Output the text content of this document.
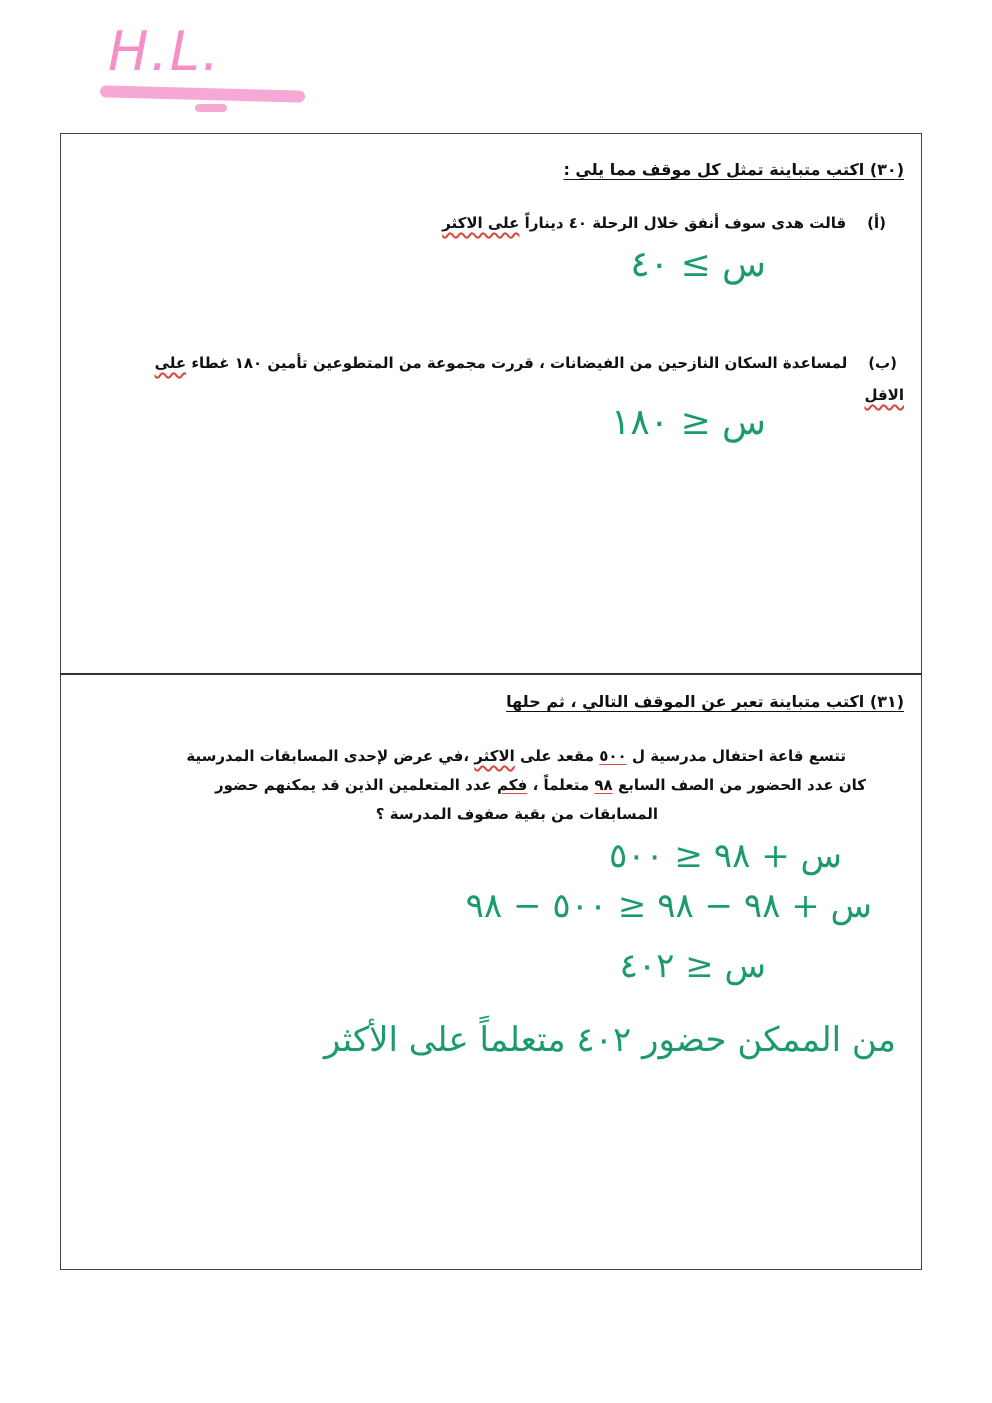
H.L.
(٣٠) اكتب متباينة تمثل كل موقف مما يلي :
(أ)    قالت هدى سوف أنفق خلال الرحلة ٤٠ ديناراً على الاكثر
س ≥ ٤٠
(ب)    لمساعدة السكان النازحين من الفيضانات ، قررت مجموعة من المتطوعين تأمين ١٨٠ غطاء على
الاقل
س ≤ ١٨٠
(٣١) اكتب متباينة تعبر عن الموقف التالي ، ثم حلها
تتسع قاعة احتفال مدرسية ل ٥٠٠ مقعد على الاكثر ،في عرض لإحدى المسابقات المدرسية
كان عدد الحضور من الصف السابع ٩٨ متعلماً ، فكم عدد المتعلمين الذين قد يمكنهم حضور
المسابقات من بقية صفوف المدرسة ؟
س + ٩٨ ≤ ٥٠٠
س + ٩٨ − ٩٨ ≤ ٥٠٠ − ٩٨
س ≤ ٤٠٢
من الممكن حضور ٤٠٢ متعلماً على الأكثر
